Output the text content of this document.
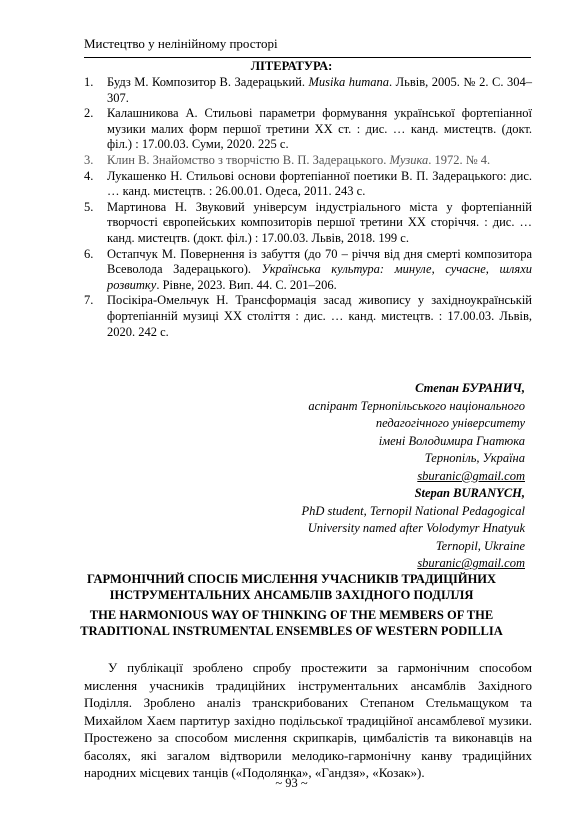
Мистецтво у нелінійному просторі
ЛІТЕРАТУРА:
1. Будз М. Композитор В. Задерацький. Musika humana. Львів, 2005. № 2. С. 304–307.
2. Калашникова А. Стильові параметри формування української фортепіанної музики малих форм першої третини ХХ ст. : дис. … канд. мистецтв. (докт. філ.) : 17.00.03. Суми, 2020. 225 с.
3. Клин В. Знайомство з творчістю В. П. Задерацького. Музика. 1972. № 4.
4. Лукашенко Н. Стильові основи фортепіанної поетики В. П. Задерацького: дис. … канд. мистецтв. : 26.00.01. Одеса, 2011. 243 с.
5. Мартинова Н. Звуковий універсум індустріального міста у фортепіанній творчості європейських композиторів першої третини ХХ сторіччя. : дис. … канд. мистецтв. (докт. філ.) : 17.00.03. Львів, 2018. 199 с.
6. Остапчук М. Повернення із забуття (до 70 – річчя від дня смерті композитора Всеволода Задерацького). Українська культура: минуле, сучасне, шляхи розвитку. Рівне, 2023. Вип. 44. С. 201–206.
7. Посікіра-Омельчук Н. Трансформація засад живопису у західноукраїнській фортепіанній музиці ХХ століття : дис. … канд. мистецтв. : 17.00.03. Львів, 2020. 242 с.
Степан БУРАНИЧ,
аспірант Тернопільського національного
педагогічного університету
імені Володимира Гнатюка
Тернопіль, Україна
sburanic@gmail.com
Stepan BURANYCH,
PhD student, Ternopil National Pedagogical
University named after Volodymyr Hnatyuk
Ternopil, Ukraine
sburanic@gmail.com
ГАРМОНІЧНИЙ СПОСІБ МИСЛЕННЯ УЧАСНИКІВ ТРАДИЦІЙНИХ ІНСТРУМЕНТАЛЬНИХ АНСАМБЛІВ ЗАХІДНОГО ПОДІЛЛЯ
THE HARMONIOUS WAY OF THINKING OF THE MEMBERS OF THE TRADITIONAL INSTRUMENTAL ENSEMBLES OF WESTERN PODILLIA

У публікації зроблено спробу простежити за гармонічним способом мислення учасників традиційних інструментальних ансамблів Західного Поділля. Зроблено аналіз транскрибованих Степаном Стельмащуком та Михайлом Хаєм партитур західно подільської традиційної ансамблевої музики. Простежено за способом мислення скрипкарів, цимбалістів та виконавців на басолях, які загалом відтворили мелодико-гармонічну канву традиційних народних місцевих танців («Подолянка», «Гандзя», «Козак»).

~ 93 ~
